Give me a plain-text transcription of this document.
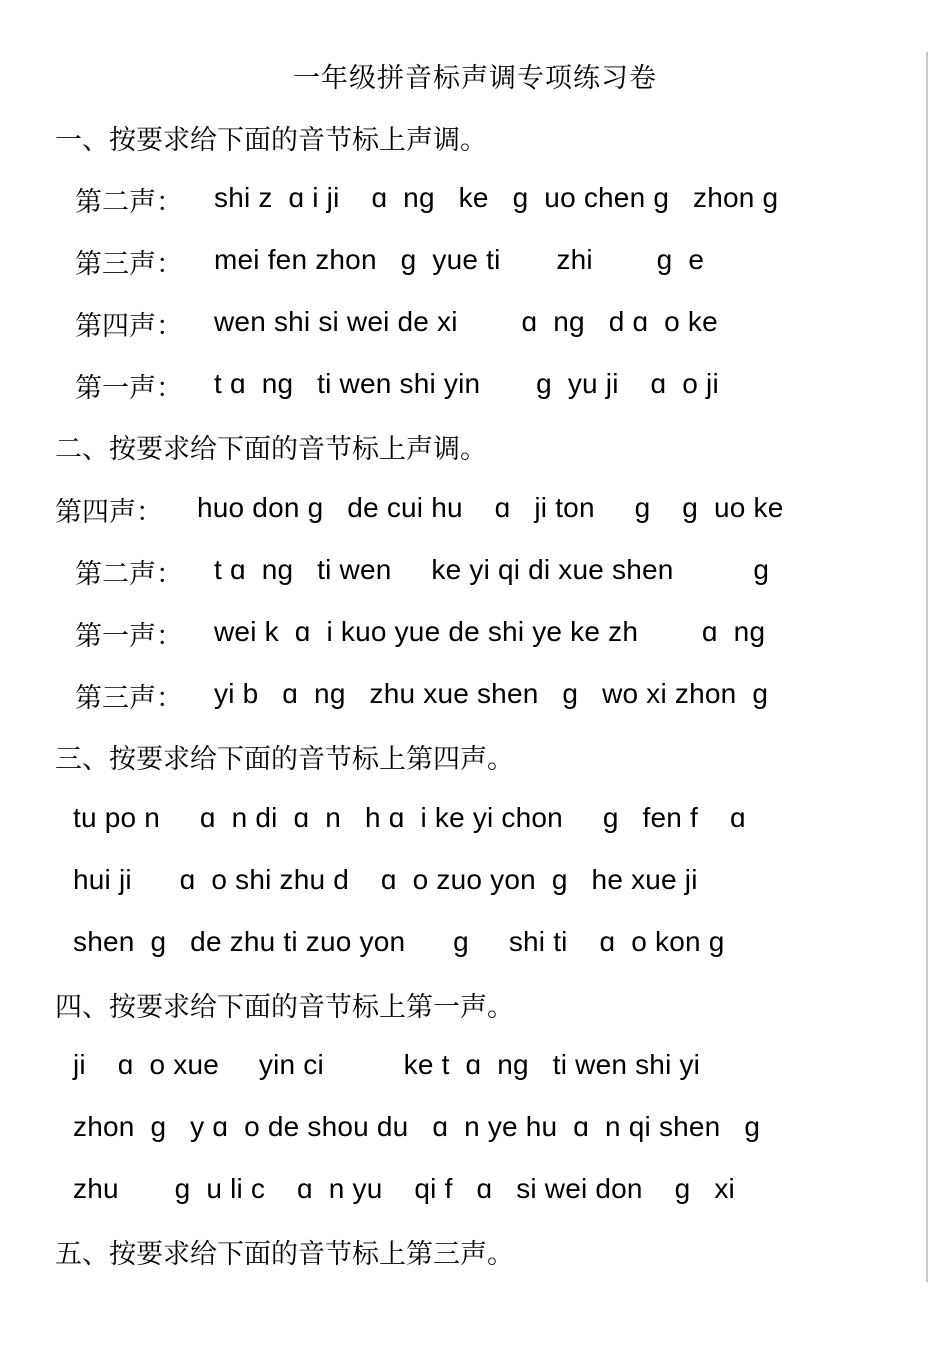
一年级拼音标声调专项练习卷
一、按要求给下面的音节标上声调。
第二声： shi z  ɑ i ji    ɑ  ng   ke   g  uo chen g   zhon g
第三声： mei fen zhon   g  yue ti       zhi        g  e
第四声： wen shi si wei de xi        ɑ  ng   d ɑ  o ke
第一声： t ɑ  ng   ti wen shi yin       g  yu ji    ɑ  o ji
二、按要求给下面的音节标上声调。
第四声： huo don g   de cui hu    ɑ   ji ton     g    g  uo ke
第二声： t ɑ  ng   ti wen     ke yi qi di xue shen          g
第一声： wei k  ɑ  i kuo yue de shi ye ke zh        ɑ  ng
第三声： yi b   ɑ  ng   zhu xue shen   g   wo xi zhon  g
三、按要求给下面的音节标上第四声。
tu po n     ɑ  n di  ɑ  n   h ɑ  i ke yi chon     g   fen f    ɑ
hui ji      ɑ  o shi zhu d    ɑ  o zuo yon  g   he xue ji
shen  g   de zhu ti zuo yon      g     shi ti    ɑ  o kon g
四、按要求给下面的音节标上第一声。
ji    ɑ  o xue     yin ci          ke t  ɑ  ng   ti wen shi yi
zhon  g   y ɑ  o de shou du   ɑ  n ye hu  ɑ  n qi shen   g
zhu       g  u li c    ɑ  n yu    qi f   ɑ   si wei don    g   xi
五、按要求给下面的音节标上第三声。
